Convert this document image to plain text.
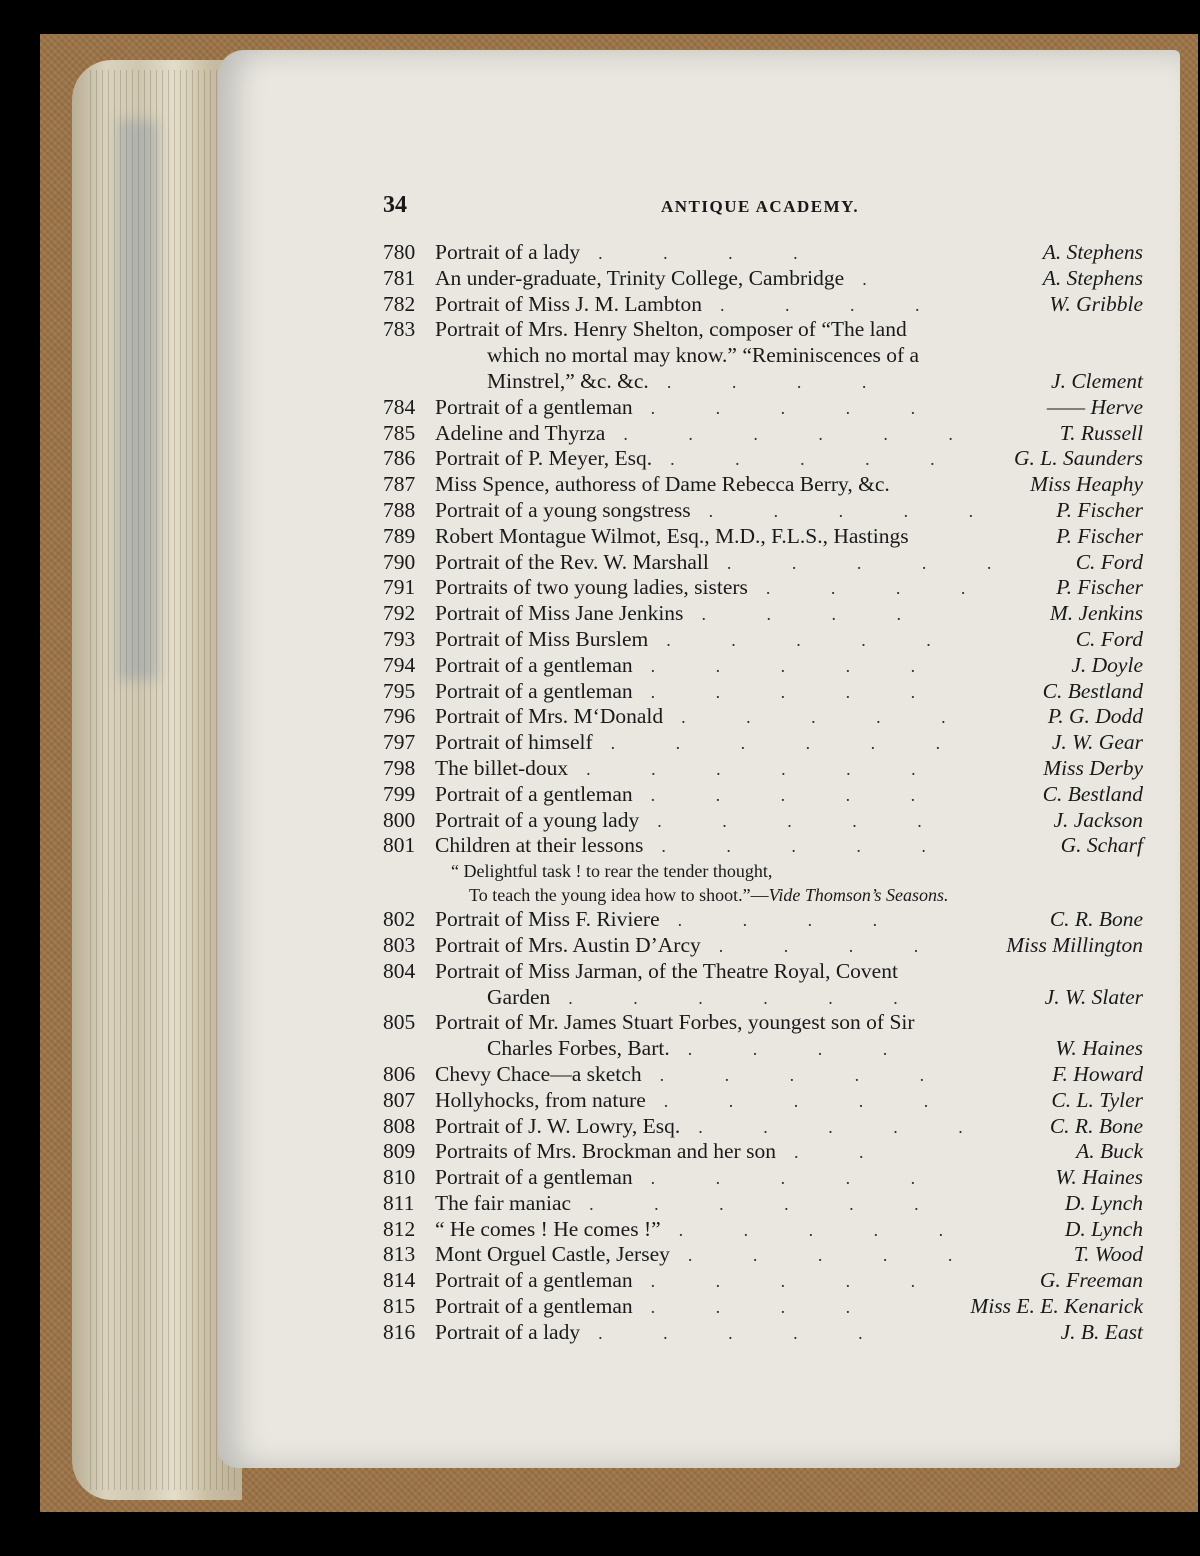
34	ANTIQUE ACADEMY.
780 Portrait of a lady	. . . .	A. Stephens
781 An under-graduate, Trinity College, Cambridge	.	A. Stephens
782 Portrait of Miss J. M. Lambton	. . . .	W. Gribble
783 Portrait of Mrs. Henry Shelton, composer of “The land
which no mortal may know.” “Reminiscences of a
Minstrel,” &c. &c.	. . . .	J. Clement
784 Portrait of a gentleman	. . . . .	—— Herve
785 Adeline and Thyrza	. . . . . .	T. Russell
786 Portrait of P. Meyer, Esq.	. . . . .	G. L. Saunders
787 Miss Spence, authoress of Dame Rebecca Berry, &c.	Miss Heaphy
788 Portrait of a young songstress	. . . . .	P. Fischer
789 Robert Montague Wilmot, Esq., M.D., F.L.S., Hastings	P. Fischer
790 Portrait of the Rev. W. Marshall	. . . . .	C. Ford
791 Portraits of two young ladies, sisters	. . . .	P. Fischer
792 Portrait of Miss Jane Jenkins	. . . .	M. Jenkins
793 Portrait of Miss Burslem	. . . . .	C. Ford
794 Portrait of a gentleman	. . . . .	J. Doyle
795 Portrait of a gentleman	. . . . .	C. Bestland
796 Portrait of Mrs. M‘Donald	. . . . .	P. G. Dodd
797 Portrait of himself	. . . . . .	J. W. Gear
798 The billet-doux	. . . . . .	Miss Derby
799 Portrait of a gentleman	. . . . .	C. Bestland
800 Portrait of a young lady	. . . . .	J. Jackson
801 Children at their lessons	. . . . .	G. Scharf
“ Delightful task ! to rear the tender thought,
To teach the young idea how to shoot.”—Vide Thomson’s Seasons.
802 Portrait of Miss F. Riviere	. . . .	C. R. Bone
803 Portrait of Mrs. Austin D’Arcy	. . . .	Miss Millington
804 Portrait of Miss Jarman, of the Theatre Royal, Covent
Garden	. . . . . .	J. W. Slater
805 Portrait of Mr. James Stuart Forbes, youngest son of Sir
Charles Forbes, Bart.	. . . .	W. Haines
806 Chevy Chace—a sketch	. . . . .	F. Howard
807 Hollyhocks, from nature	. . . . .	C. L. Tyler
808 Portrait of J. W. Lowry, Esq.	. . . . .	C. R. Bone
809 Portraits of Mrs. Brockman and her son	. .	A. Buck
810 Portrait of a gentleman	. . . . .	W. Haines
811 The fair maniac	. . . . . .	D. Lynch
812 “ He comes ! He comes !”	. . . . .	D. Lynch
813 Mont Orguel Castle, Jersey	. . . . .	T. Wood
814 Portrait of a gentleman	. . . . .	G. Freeman
815 Portrait of a gentleman	. . . .	Miss E. E. Kenarick
816 Portrait of a lady	. . . . .	J. B. East
